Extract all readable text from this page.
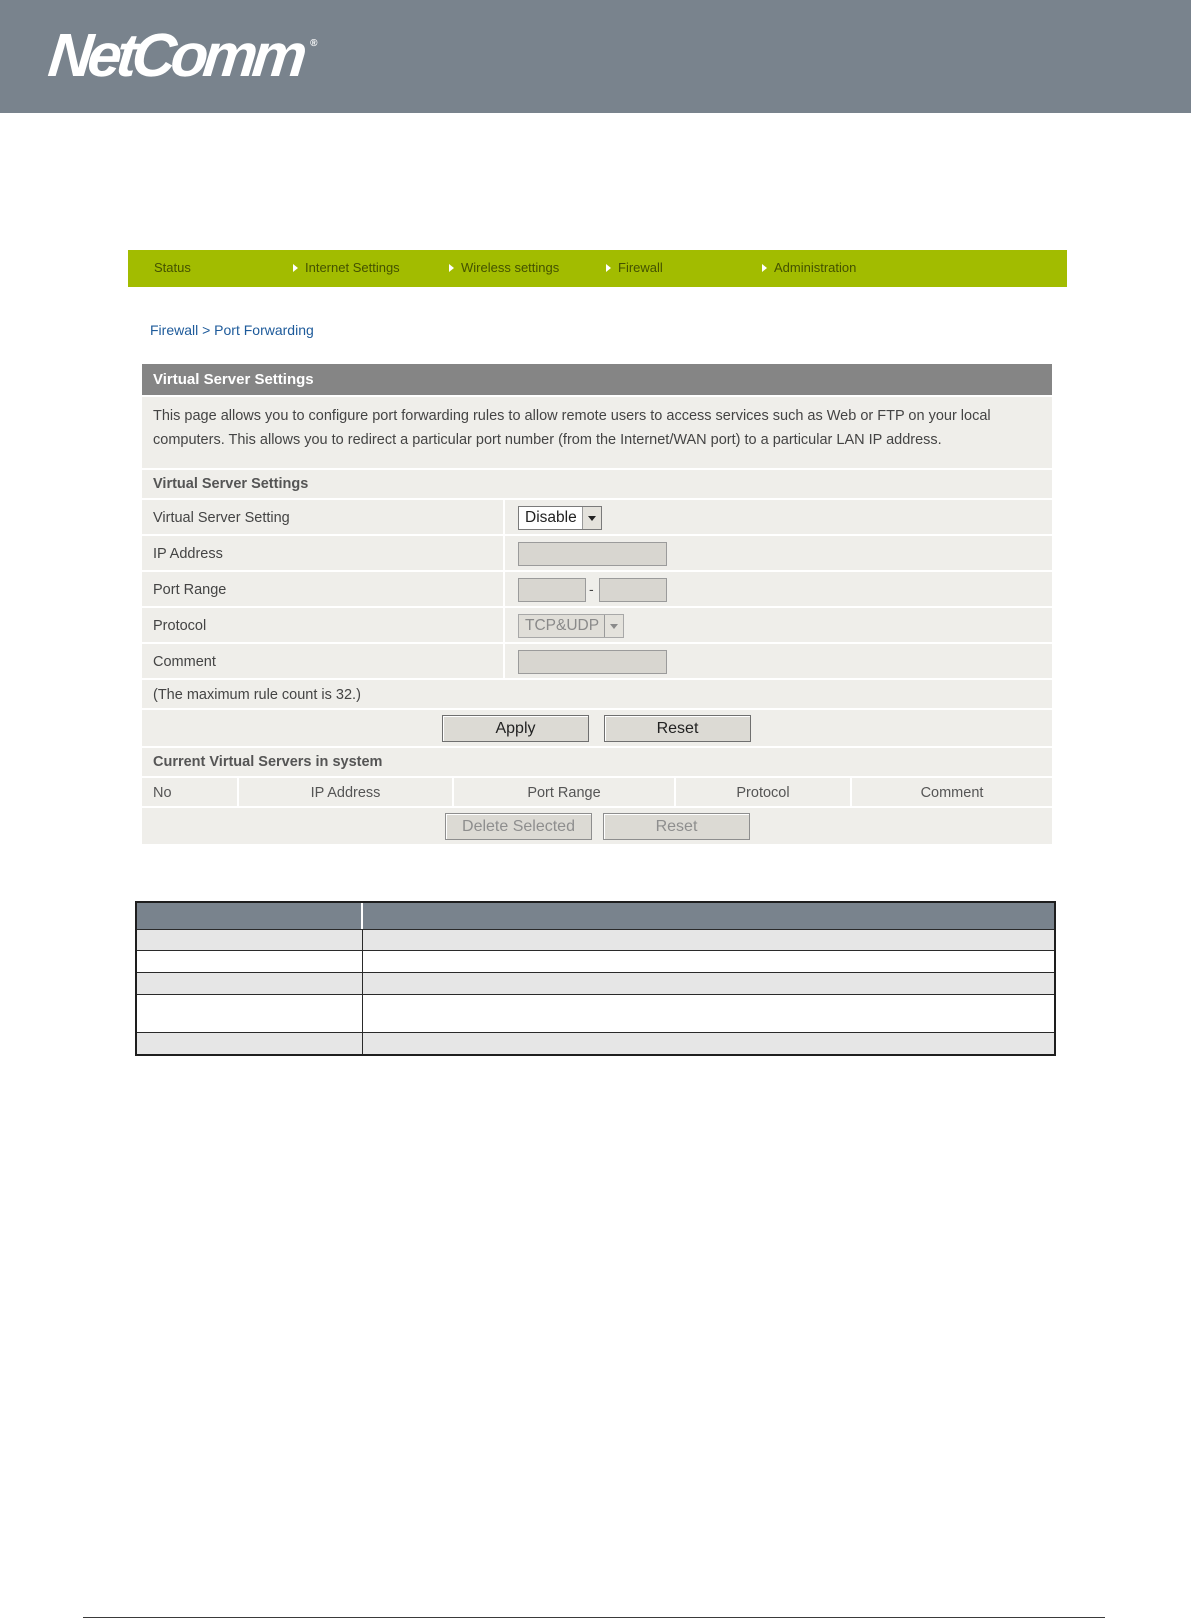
NetComm ®
Status	Internet Settings	Wireless settings	Firewall	Administration
Firewall > Port Forwarding
Virtual Server Settings
This page allows you to configure port forwarding rules to allow remote users to access services such as Web or FTP on your local computers. This allows you to redirect a particular port number (from the Internet/WAN port) to a particular LAN IP address.
Virtual Server Settings
Virtual Server Setting	Disable
IP Address
Port Range	-
Protocol	TCP&UDP
Comment
(The maximum rule count is 32.)
Apply	Reset
Current Virtual Servers in system
No	IP Address	Port Range	Protocol	Comment
Delete Selected	Reset
